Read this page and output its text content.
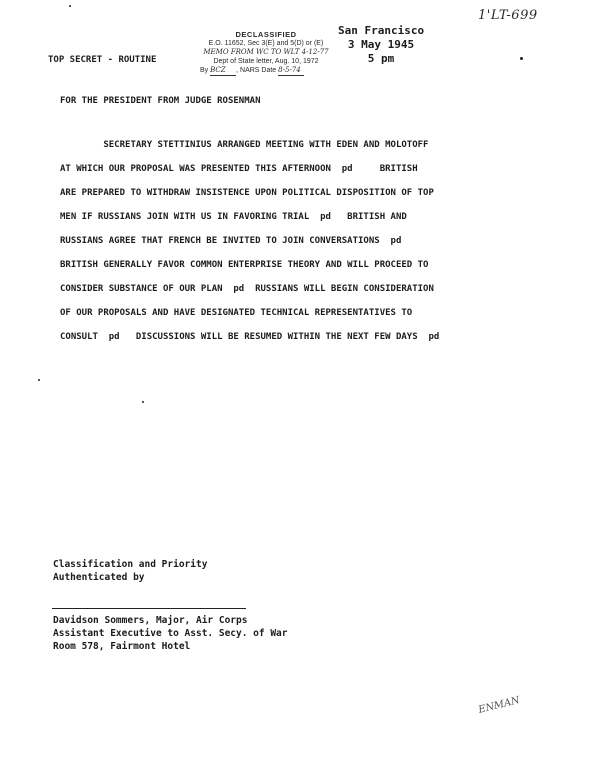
1'LT-699
DECLASSIFIED
E.O. 11652, Sec 3(E) and 5(D) or (E)
MEMO FROM WC TO WLT 4-12-77
Dept of State letter, Aug. 10, 1972
By BCZ , NARS Date 8-5-74
San Francisco
3 May 1945
5 pm
TOP SECRET - ROUTINE
FOR THE PRESIDENT FROM JUDGE ROSENMAN
SECRETARY STETTINIUS ARRANGED MEETING WITH EDEN AND MOLOTOFF
AT WHICH OUR PROPOSAL WAS PRESENTED THIS AFTERNOON  pd     BRITISH
ARE PREPARED TO WITHDRAW INSISTENCE UPON POLITICAL DISPOSITION OF TOP
MEN IF RUSSIANS JOIN WITH US IN FAVORING TRIAL  pd   BRITISH AND
RUSSIANS AGREE THAT FRENCH BE INVITED TO JOIN CONVERSATIONS  pd
BRITISH GENERALLY FAVOR COMMON ENTERPRISE THEORY AND WILL PROCEED TO
CONSIDER SUBSTANCE OF OUR PLAN  pd  RUSSIANS WILL BEGIN CONSIDERATION
OF OUR PROPOSALS AND HAVE DESIGNATED TECHNICAL REPRESENTATIVES TO
CONSULT  pd   DISCUSSIONS WILL BE RESUMED WITHIN THE NEXT FEW DAYS  pd
Classification and Priority
Authenticated by
Davidson Sommers, Major, Air Corps
Assistant Executive to Asst. Secy. of War
Room 578, Fairmont Hotel
ENMAN
